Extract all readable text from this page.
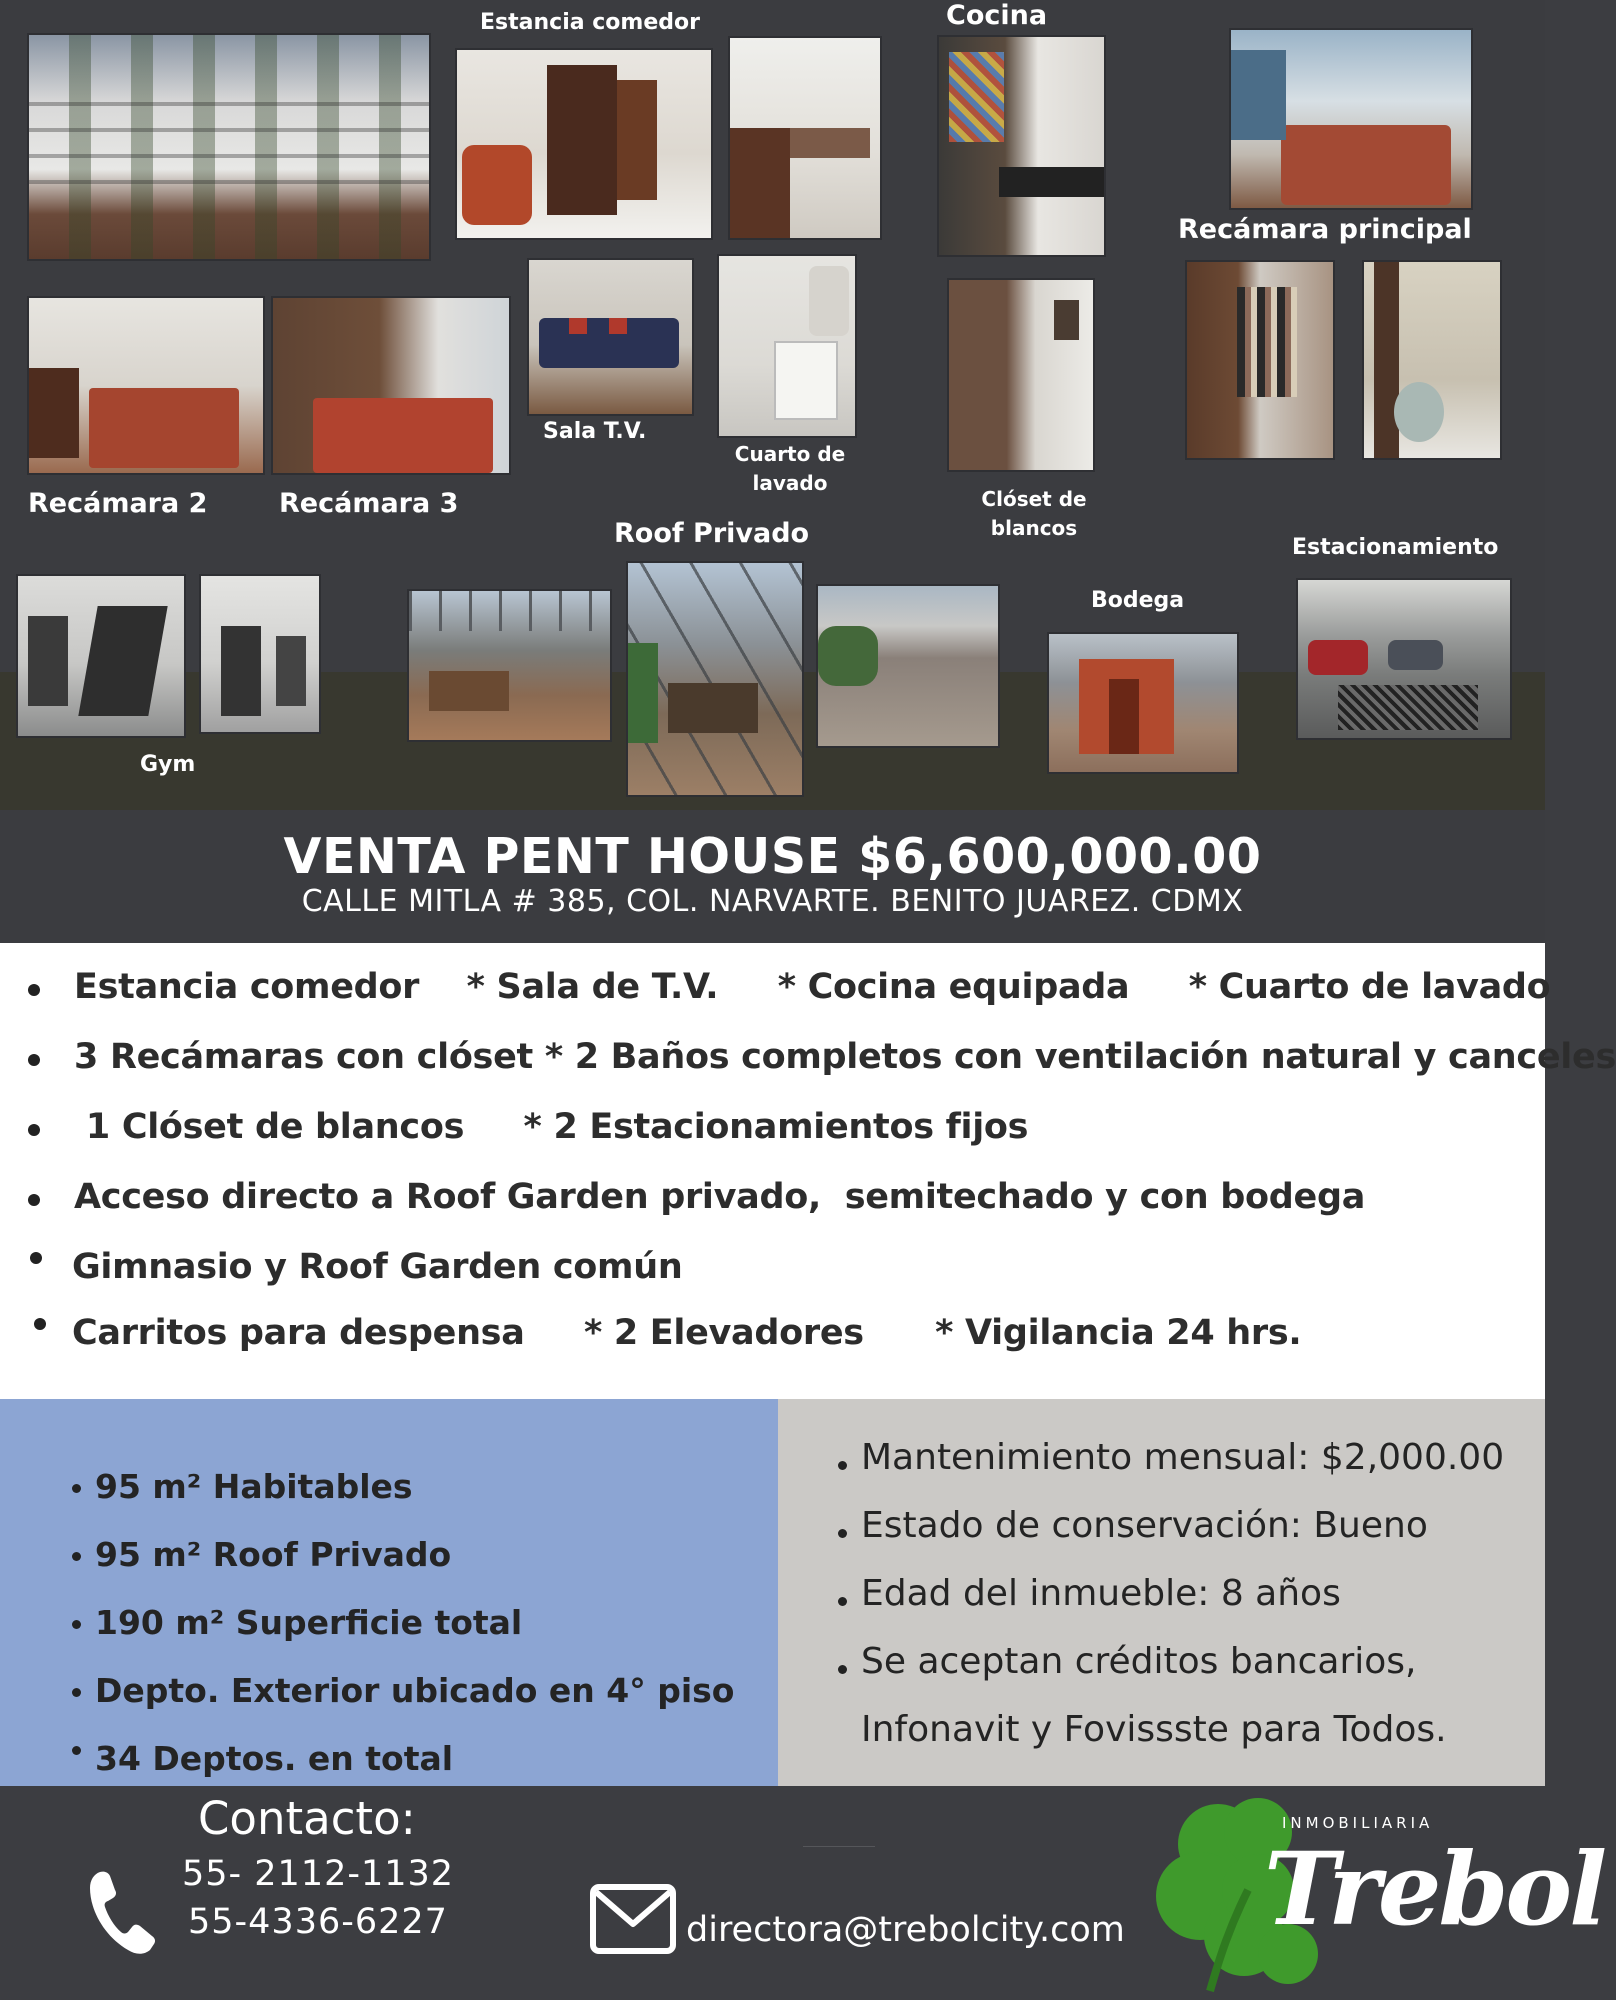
Estancia comedor	Cocina
Recámara principal
Recámara 2	Recámara 3
Sala T.V.
Cuarto de lavado
Clóset de blancos
Roof Privado	Estacionamiento
Gym
Bodega
VENTA PENT HOUSE $6,600,000.00
CALLE MITLA # 385, COL. NARVARTE. BENITO JUAREZ. CDMX
Estancia comedor    * Sala de T.V.     * Cocina equipada     * Cuarto de lavado
3 Recámaras con clóset * 2 Baños completos con ventilación natural y canceles
1 Clóset de blancos     * 2 Estacionamientos fijos
Acceso directo a Roof Garden privado,  semitechado y con bodega
Gimnasio y Roof Garden común
Carritos para despensa     * 2 Elevadores      * Vigilancia 24 hrs.
95 m² Habitables
95 m² Roof Privado
190 m² Superficie total
Depto. Exterior ubicado en 4° piso
34 Deptos. en total
Mantenimiento mensual: $2,000.00
Estado de conservación: Bueno
Edad del inmueble: 8 años
Se aceptan créditos bancarios,
Infonavit y Fovissste para Todos.
Contacto:
55- 2112-1132
55-4336-6227	directora@trebolcity.com
INMOBILIARIA
Trebol
